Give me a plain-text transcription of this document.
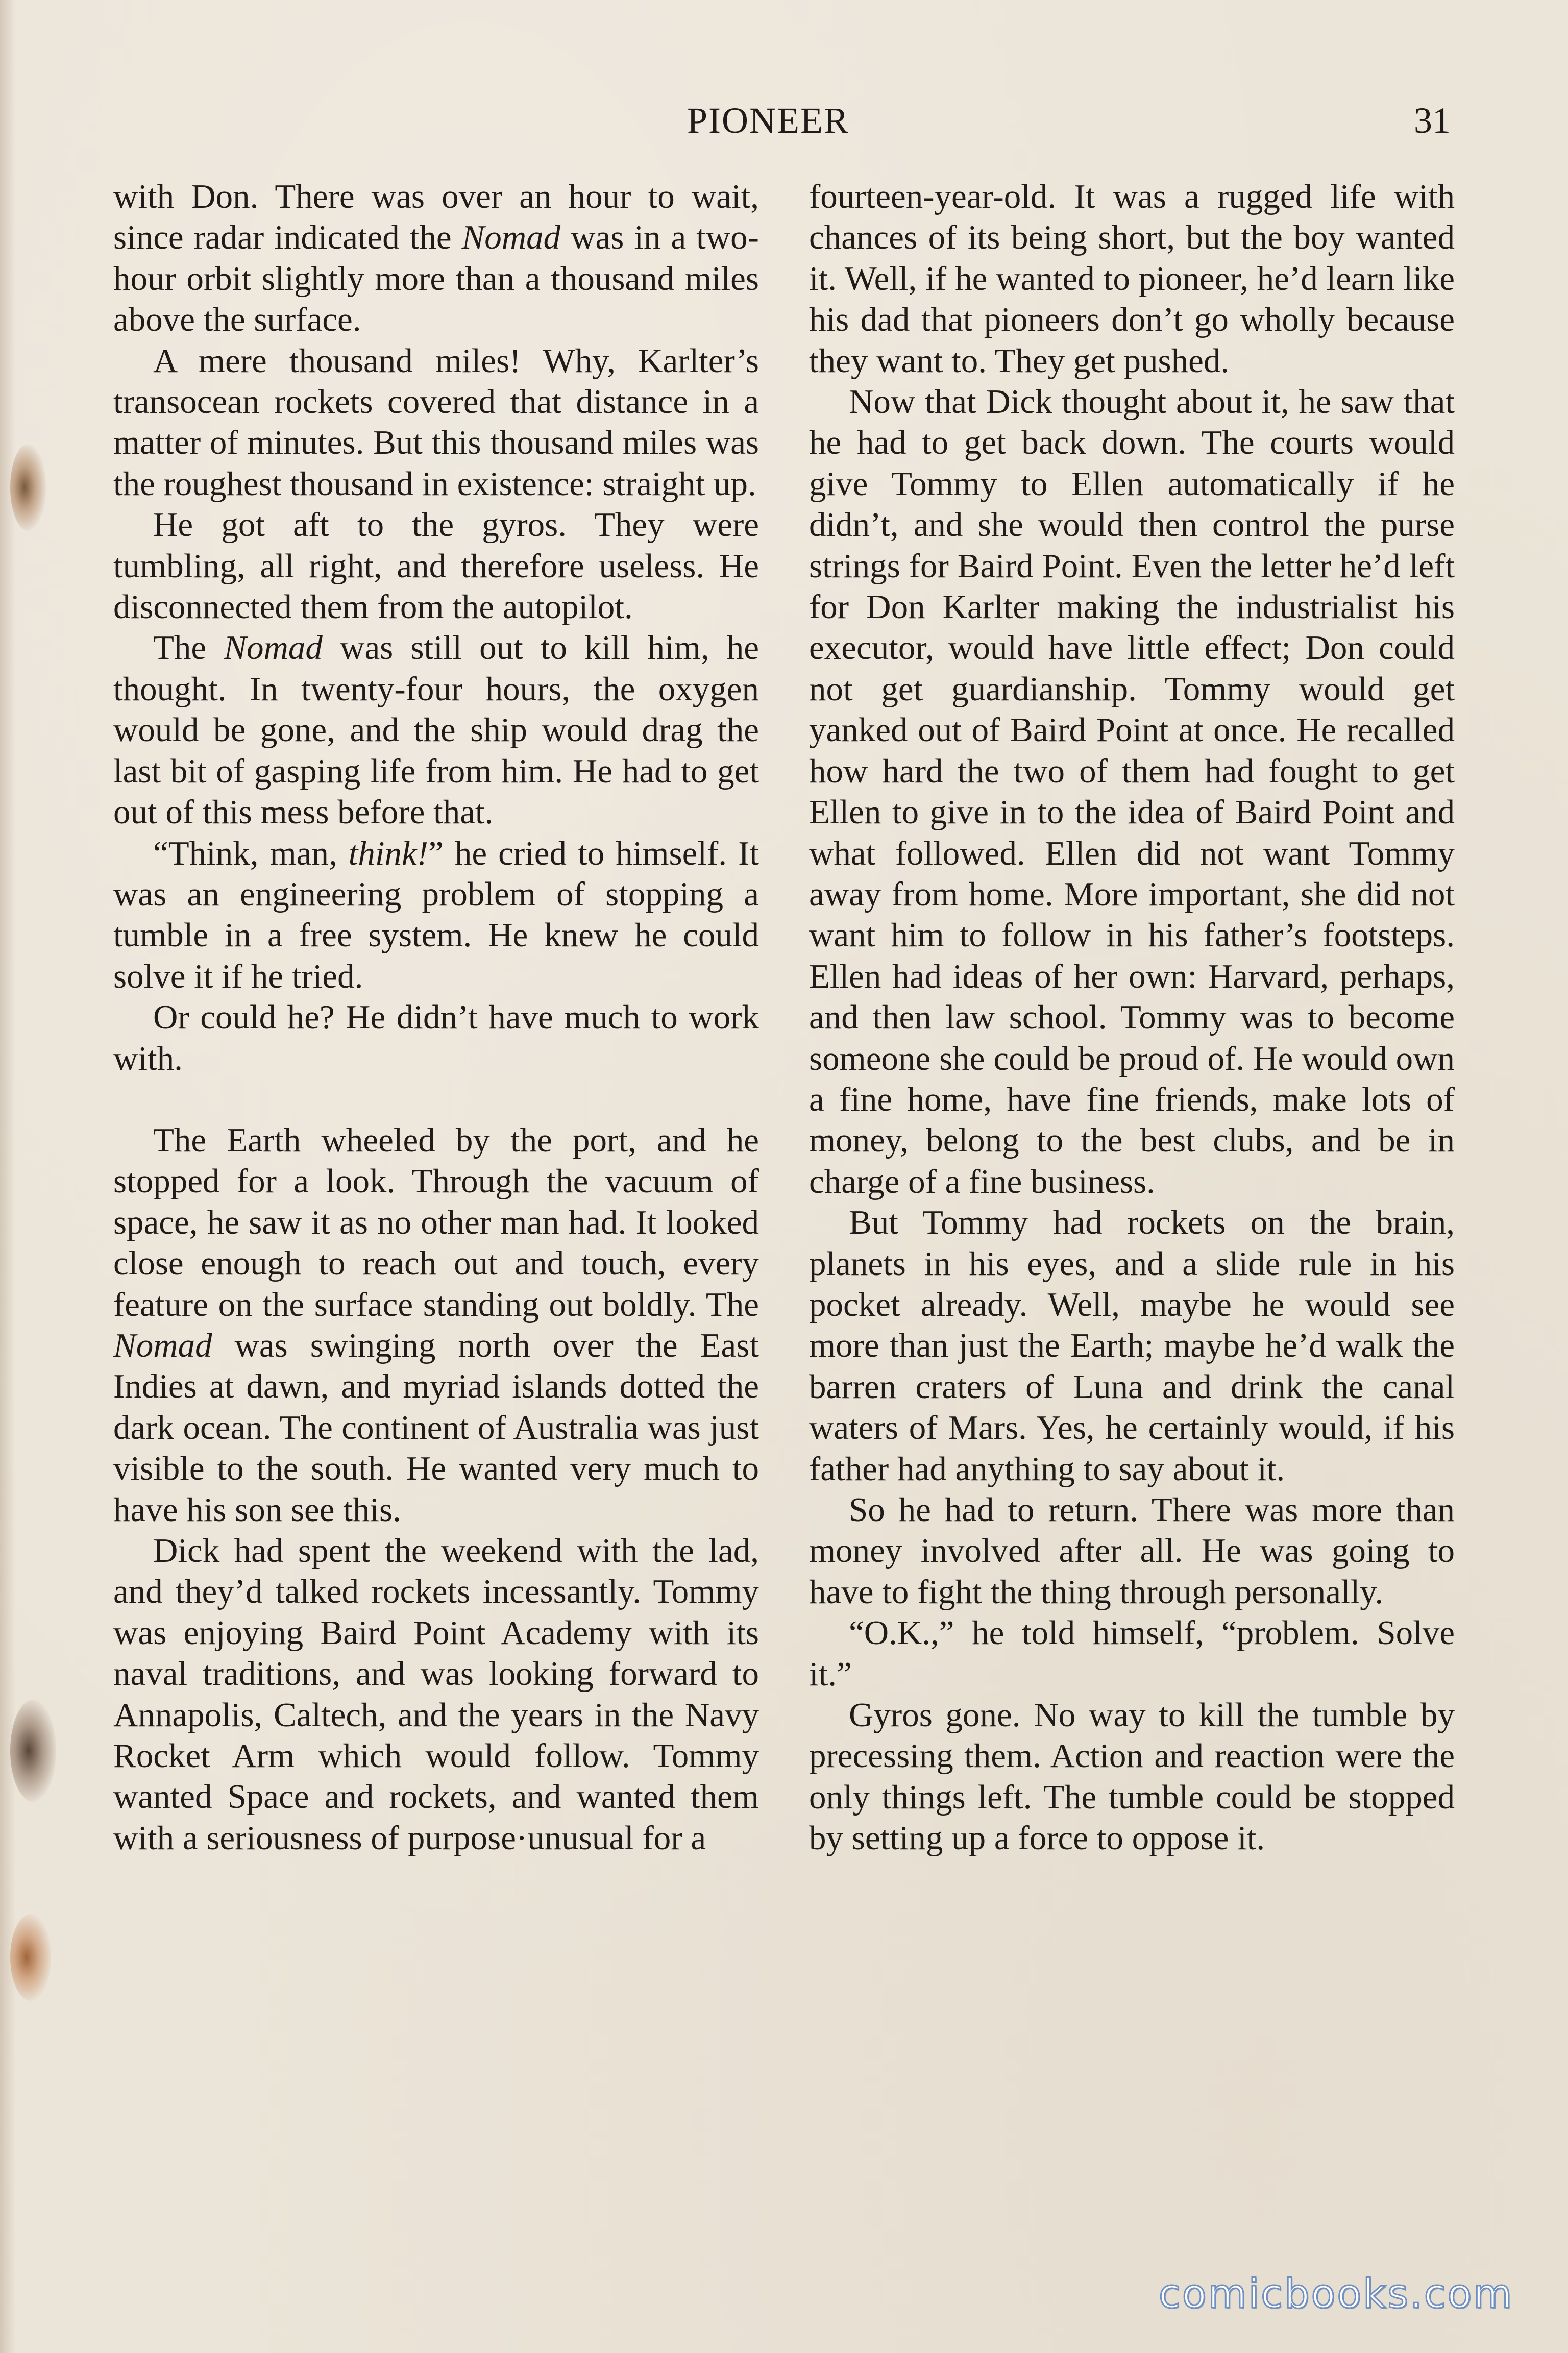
PIONEER	31

with Don. There was over an hour to wait, since radar indicated the Nomad was in a two-hour orbit slightly more than a thousand miles above the surface.

A mere thousand miles! Why, Karlter’s transocean rockets covered that distance in a matter of minutes. But this thousand miles was the roughest thousand in existence: straight up.

He got aft to the gyros. They were tumbling, all right, and therefore useless. He disconnected them from the autopilot.

The Nomad was still out to kill him, he thought. In twenty-four hours, the oxygen would be gone, and the ship would drag the last bit of gasping life from him. He had to get out of this mess before that.

“Think, man, think!” he cried to himself. It was an engineering problem of stopping a tumble in a free system. He knew he could solve it if he tried.

Or could he? He didn’t have much to work with.

The Earth wheeled by the port, and he stopped for a look. Through the vacuum of space, he saw it as no other man had. It looked close enough to reach out and touch, every feature on the surface standing out boldly. The Nomad was swinging north over the East Indies at dawn, and myriad islands dotted the dark ocean. The continent of Australia was just visible to the south. He wanted very much to have his son see this.

Dick had spent the weekend with the lad, and they’d talked rockets incessantly. Tommy was enjoying Baird Point Academy with its naval traditions, and was looking forward to Annapolis, Caltech, and the years in the Navy Rocket Arm which would follow. Tommy wanted Space and rockets, and wanted them with a seriousness of purpose·unusual for a

fourteen-year-old. It was a rugged life with chances of its being short, but the boy wanted it. Well, if he wanted to pioneer, he’d learn like his dad that pioneers don’t go wholly because they want to. They get pushed.

Now that Dick thought about it, he saw that he had to get back down. The courts would give Tommy to Ellen automatically if he didn’t, and she would then control the purse strings for Baird Point. Even the letter he’d left for Don Karlter making the industrialist his executor, would have little effect; Don could not get guardianship. Tommy would get yanked out of Baird Point at once. He recalled how hard the two of them had fought to get Ellen to give in to the idea of Baird Point and what followed. Ellen did not want Tommy away from home. More important, she did not want him to follow in his father’s footsteps. Ellen had ideas of her own: Harvard, perhaps, and then law school. Tommy was to become someone she could be proud of. He would own a fine home, have fine friends, make lots of money, belong to the best clubs, and be in charge of a fine business.

But Tommy had rockets on the brain, planets in his eyes, and a slide rule in his pocket already. Well, maybe he would see more than just the Earth; maybe he’d walk the barren craters of Luna and drink the canal waters of Mars. Yes, he certainly would, if his father had anything to say about it.

So he had to return. There was more than money involved after all. He was going to have to fight the thing through personally.

“O.K.,” he told himself, “problem. Solve it.”

Gyros gone. No way to kill the tumble by precessing them. Action and reaction were the only things left. The tumble could be stopped by setting up a force to oppose it.

comicbooks.com
